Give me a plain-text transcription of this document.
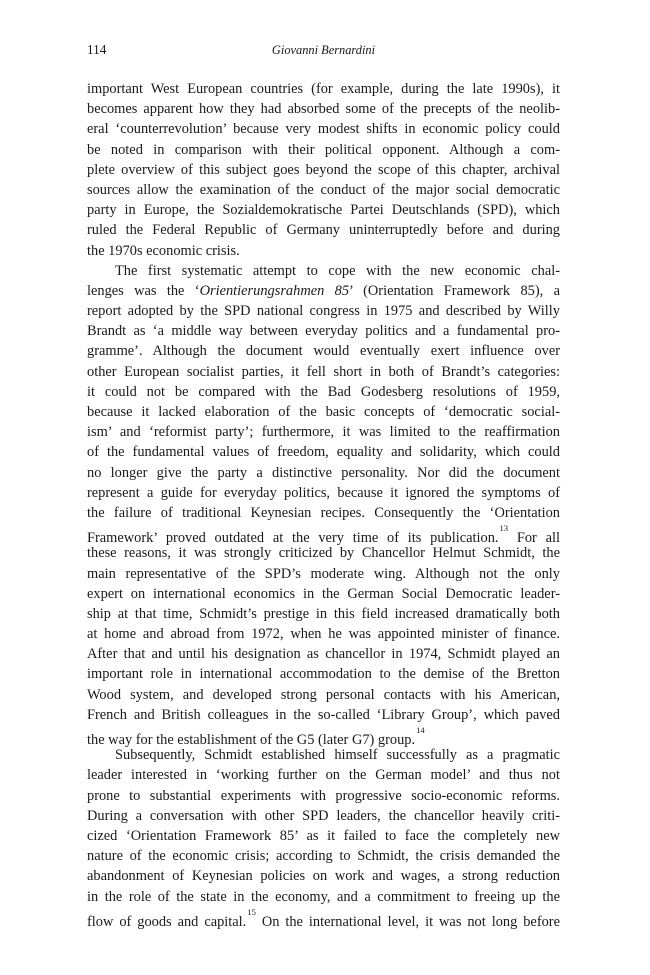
114	Giovanni Bernardini
important West European countries (for example, during the late 1990s), it
becomes apparent how they had absorbed some of the precepts of the neolib-
eral ‘counterrevolution’ because very modest shifts in economic policy could
be noted in comparison with their political opponent. Although a com-
plete overview of this subject goes beyond the scope of this chapter, archival
sources allow the examination of the conduct of the major social democratic
party in Europe, the Sozialdemokratische Partei Deutschlands (SPD), which
ruled the Federal Republic of Germany uninterruptedly before and during
the 1970s economic crisis.
The first systematic attempt to cope with the new economic chal-
lenges was the ‘Orientierungsrahmen 85’ (Orientation Framework 85), a
report adopted by the SPD national congress in 1975 and described by Willy
Brandt as ‘a middle way between everyday politics and a fundamental pro-
gramme’. Although the document would eventually exert influence over
other European socialist parties, it fell short in both of Brandt’s categories:
it could not be compared with the Bad Godesberg resolutions of 1959,
because it lacked elaboration of the basic concepts of ‘democratic social-
ism’ and ‘reformist party’; furthermore, it was limited to the reaffirmation
of the fundamental values of freedom, equality and solidarity, which could
no longer give the party a distinctive personality. Nor did the document
represent a guide for everyday politics, because it ignored the symptoms of
the failure of traditional Keynesian recipes. Consequently the ‘Orientation
Framework’ proved outdated at the very time of its publication.$^{13}$ For all
these reasons, it was strongly criticized by Chancellor Helmut Schmidt, the
main representative of the SPD’s moderate wing. Although not the only
expert on international economics in the German Social Democratic leader-
ship at that time, Schmidt’s prestige in this field increased dramatically both
at home and abroad from 1972, when he was appointed minister of finance.
After that and until his designation as chancellor in 1974, Schmidt played an
important role in international accommodation to the demise of the Bretton
Wood system, and developed strong personal contacts with his American,
French and British colleagues in the so-called ‘Library Group’, which paved
the way for the establishment of the G5 (later G7) group.$^{14}$
Subsequently, Schmidt established himself successfully as a pragmatic
leader interested in ‘working further on the German model’ and thus not
prone to substantial experiments with progressive socio-economic reforms.
During a conversation with other SPD leaders, the chancellor heavily criti-
cized ‘Orientation Framework 85’ as it failed to face the completely new
nature of the economic crisis; according to Schmidt, the crisis demanded the
abandonment of Keynesian policies on work and wages, a strong reduction
in the role of the state in the economy, and a commitment to freeing up the
flow of goods and capital.$^{15}$ On the international level, it was not long before
